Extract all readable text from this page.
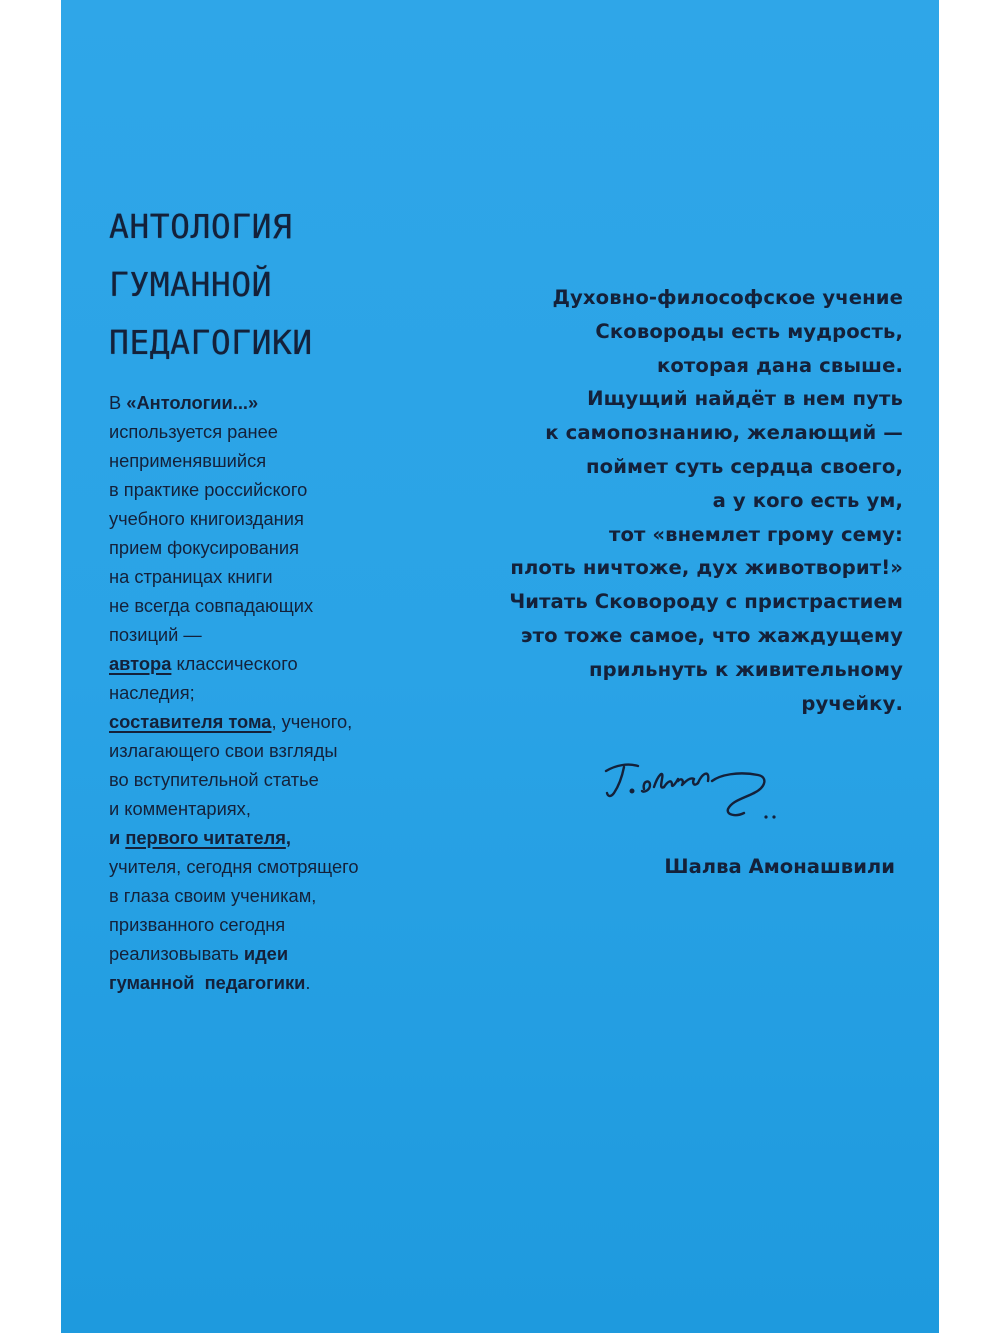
АНТОЛОГИЯ
ГУМАННОЙ
ПЕДАГОГИКИ
В «Антологии...»
используется ранее
неприменявшийся
в практике российского
учебного книгоиздания
прием фокусирования
на страницах книги
не всегда совпадающих
позиций —
автора классического
наследия;
составителя тома, ученого,
излагающего свои взгляды
во вступительной статье
и комментариях,
и первого читателя,
учителя, сегодня смотрящего
в глаза своим ученикам,
призванного сегодня
реализовывать идеи
гуманной  педагогики.
Духовно-философское учение
Сковороды есть мудрость,
которая дана свыше.
Ищущий найдёт в нем путь
к самопознанию, желающий —
поймет суть сердца своего,
а у кого есть ум,
тот «внемлет грому сему:
плоть ничтоже, дух животворит!»
Читать Сковороду с пристрастием
это тоже самое, что жаждущему
прильнуть к живительному
ручейку.
Шалва Амонашвили
